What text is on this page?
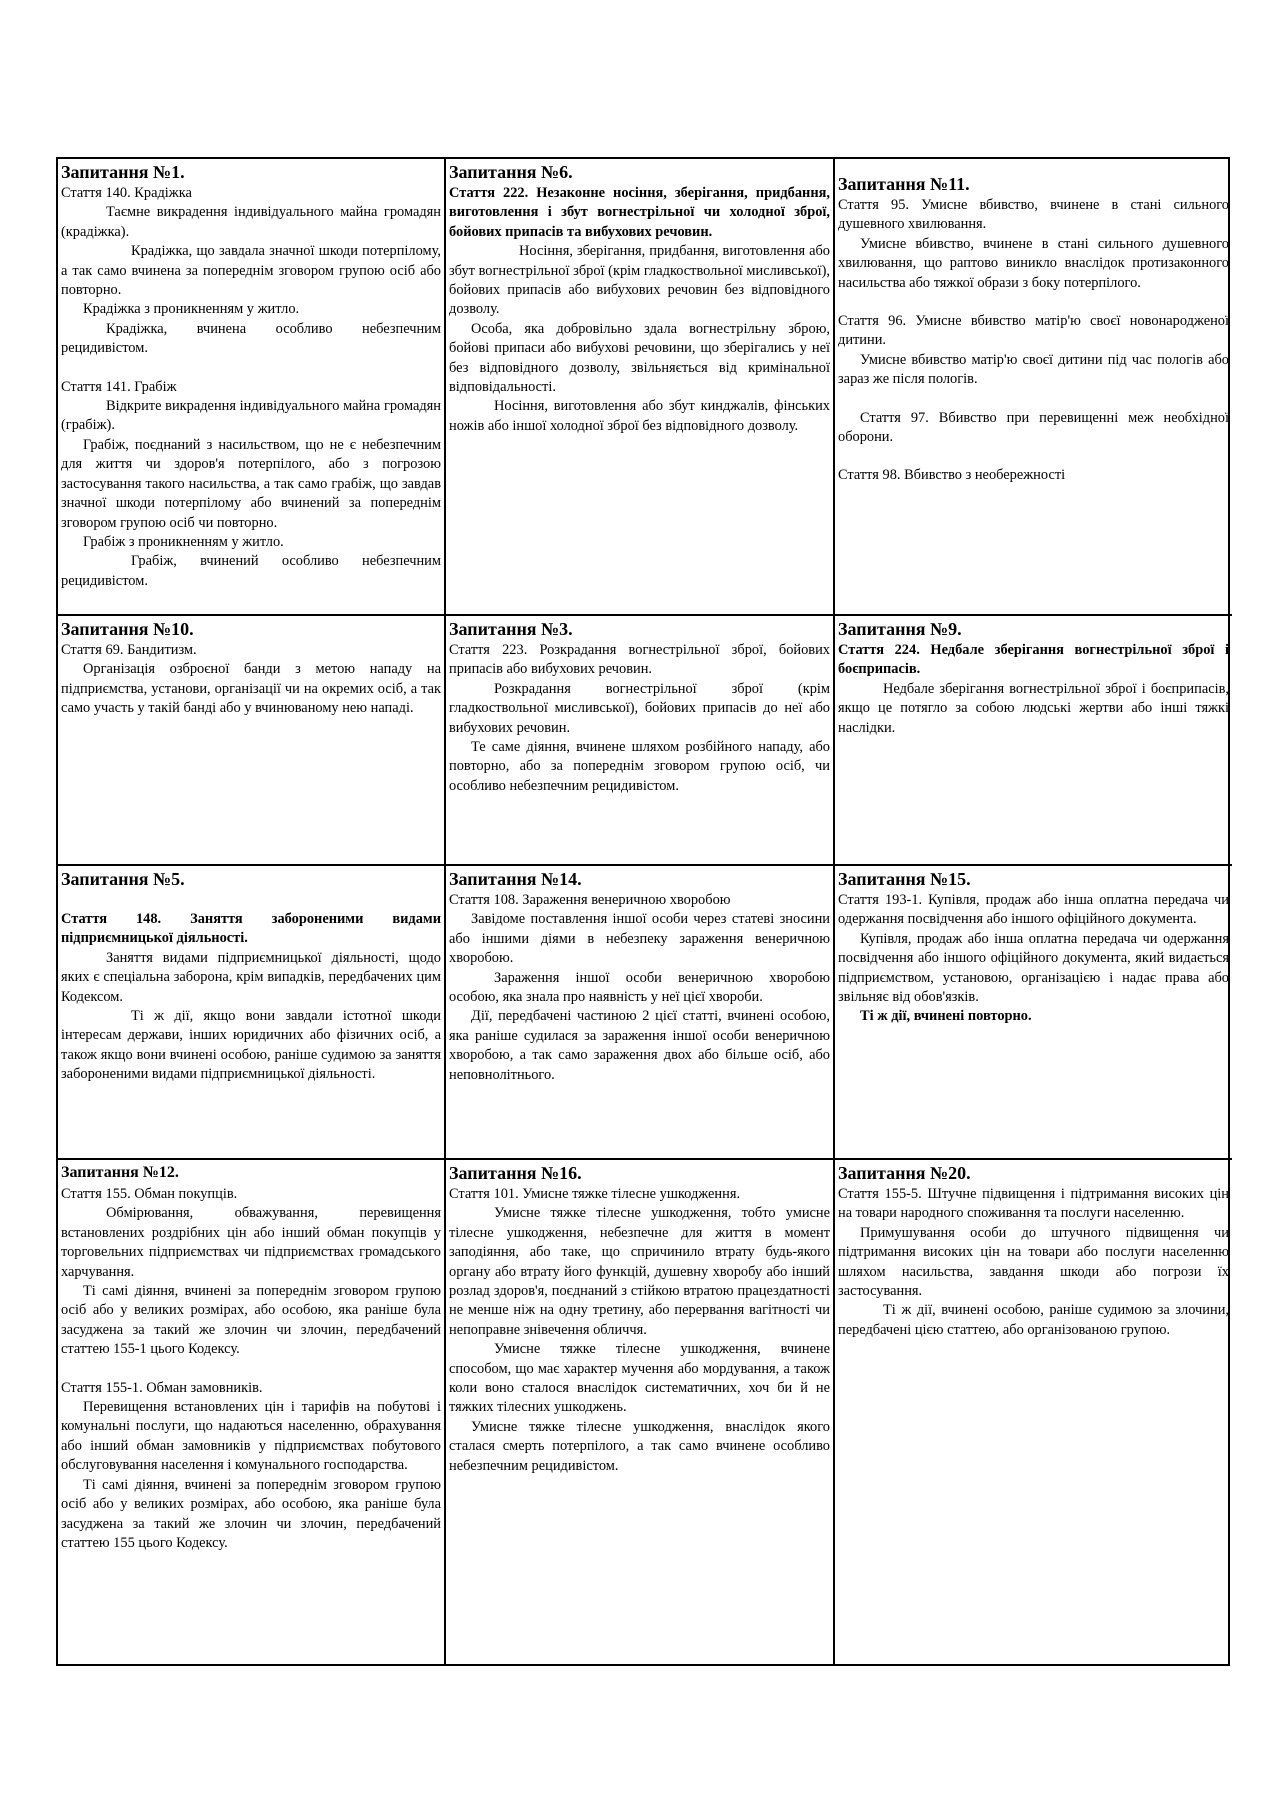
Запитання №1.

Стаття 140. Крадіжка

Таємне викрадення індивідуального майна громадян (крадіжка).

Крадіжка, що завдала значної шкоди потерпілому, а так само вчинена за попереднім зговором групою осіб або повторно.

Крадіжка з проникненням у житло.

Крадіжка, вчинена особливо небезпечним рецидивістом.

Стаття 141. Грабіж

Відкрите викрадення індивідуального майна громадян (грабіж).

Грабіж, поєднаний з насильством, що не є небезпечним для життя чи здоров'я потерпілого, або з погрозою застосування такого насильства, а так само грабіж, що завдав значної шкоди потерпілому або вчинений за попереднім зговором групою осіб чи повторно.

Грабіж з проникненням у житло.

Грабіж, вчинений особливо небезпечним рецидивістом.

Запитання №6.

Стаття 222. Незаконне носіння, зберігання, придбання, виготовлення і збут вогнестрільної чи холодної зброї, бойових припасів та вибухових речовин.

Носіння, зберігання, придбання, виготовлення або збут вогнестрільної зброї (крім гладкоствольної мисливської), бойових припасів або вибухових речовин без відповідного дозволу.

Особа, яка добровільно здала вогнестрільну зброю, бойові припаси або вибухові речовини, що зберігались у неї без відповідного дозволу, звільняється від кримінальної відповідальності.

Носіння, виготовлення або збут кинджалів, фінських ножів або іншої холодної зброї без відповідного дозволу.

Запитання №11.

Стаття 95. Умисне вбивство, вчинене в стані сильного душевного хвилювання.

Умисне вбивство, вчинене в стані сильного душевного хвилювання, що раптово виникло внаслідок протизаконного насильства або тяжкої образи з боку потерпілого.

Стаття 96. Умисне вбивство матір'ю своєї новонародженої дитини.

Умисне вбивство матір'ю своєї дитини під час пологів або зараз же після пологів.

Стаття 97. Вбивство при перевищенні меж необхідної оборони.

Стаття 98. Вбивство з необережності

Запитання №10.

Стаття 69. Бандитизм.

Організація озброєної банди з метою нападу на підприємства, установи, організації чи на окремих осіб, а так само участь у такій банді або у вчинюваному нею нападі.

Запитання №3.

Стаття 223. Розкрадання вогнестрільної зброї, бойових припасів або вибухових речовин.

Розкрадання вогнестрільної зброї (крім гладкоствольної мисливської), бойових припасів до неї або вибухових речовин.

Те саме діяння, вчинене шляхом розбійного нападу, або повторно, або за попереднім зговором групою осіб, чи особливо небезпечним рецидивістом.

Запитання №9.

Стаття 224. Недбале зберігання вогнестрільної зброї і боєприпасів.

Недбале зберігання вогнестрільної зброї і боєприпасів, якщо це потягло за собою людські жертви або інші тяжкі наслідки.

Запитання №5.

Стаття 148. Заняття забороненими видами підприємницької діяльності.

Заняття видами підприємницької діяльності, щодо яких є спеціальна заборона, крім випадків, передбачених цим Кодексом.

Ті ж дії, якщо вони завдали істотної шкоди інтересам держави, інших юридичних або фізичних осіб, а також якщо вони вчинені особою, раніше судимою за заняття забороненими видами підприємницької діяльності.

Запитання №14.

Стаття 108. Зараження венеричною хворобою

Завідоме поставлення іншої особи через статеві зносини або іншими діями в небезпеку зараження венеричною хворобою.

Зараження іншої особи венеричною хворобою особою, яка знала про наявність у неї цієї хвороби.

Дії, передбачені частиною 2 цієї статті, вчинені особою, яка раніше судилася за зараження іншої особи венеричною хворобою, а так само зараження двох або більше осіб, або неповнолітнього.

Запитання №15.

Стаття 193-1. Купівля, продаж або інша оплатна передача чи одержання посвідчення або іншого офіційного документа.

Купівля, продаж або інша оплатна передача чи одержання посвідчення або іншого офіційного документа, який видається підприємством, установою, організацією і надає права або звільняє від обов'язків.

Ті ж дії, вчинені повторно.

Запитання №12.

Стаття 155. Обман покупців.

Обмірювання, обважування, перевищення встановлених роздрібних цін або інший обман покупців у торговельних підприємствах чи підприємствах громадського харчування.

Ті самі діяння, вчинені за попереднім зговором групою осіб або у великих розмірах, або особою, яка раніше була засуджена за такий же злочин чи злочин, передбачений статтею 155-1 цього Кодексу.

Стаття 155-1. Обман замовників.

Перевищення встановлених цін і тарифів на побутові і комунальні послуги, що надаються населенню, обрахування або інший обман замовників у підприємствах побутового обслуговування населення і комунального господарства.

Ті самі діяння, вчинені за попереднім зговором групою осіб або у великих розмірах, або особою, яка раніше була засуджена за такий же злочин чи злочин, передбачений статтею 155 цього Кодексу.

Запитання №16.

Стаття 101. Умисне тяжке тілесне ушкодження.

Умисне тяжке тілесне ушкодження, тобто умисне тілесне ушкодження, небезпечне для життя в момент заподіяння, або таке, що спричинило втрату будь-якого органу або втрату його функцій, душевну хворобу або інший розлад здоров'я, поєднаний з стійкою втратою працездатності не менше ніж на одну третину, або перервання вагітності чи непоправне знівечення обличчя.

Умисне тяжке тілесне ушкодження, вчинене способом, що має характер мучення або мордування, а також коли воно сталося внаслідок систематичних, хоч би й не тяжких тілесних ушкоджень.

Умисне тяжке тілесне ушкодження, внаслідок якого сталася смерть потерпілого, а так само вчинене особливо небезпечним рецидивістом.

Запитання №20.

Стаття 155-5. Штучне підвищення і підтримання високих цін на товари народного споживання та послуги населенню.

Примушування особи до штучного підвищення чи підтримання високих цін на товари або послуги населенню шляхом насильства, завдання шкоди або погрози їх застосування.

Ті ж дії, вчинені особою, раніше судимою за злочини, передбачені цією статтею, або організованою групою.
